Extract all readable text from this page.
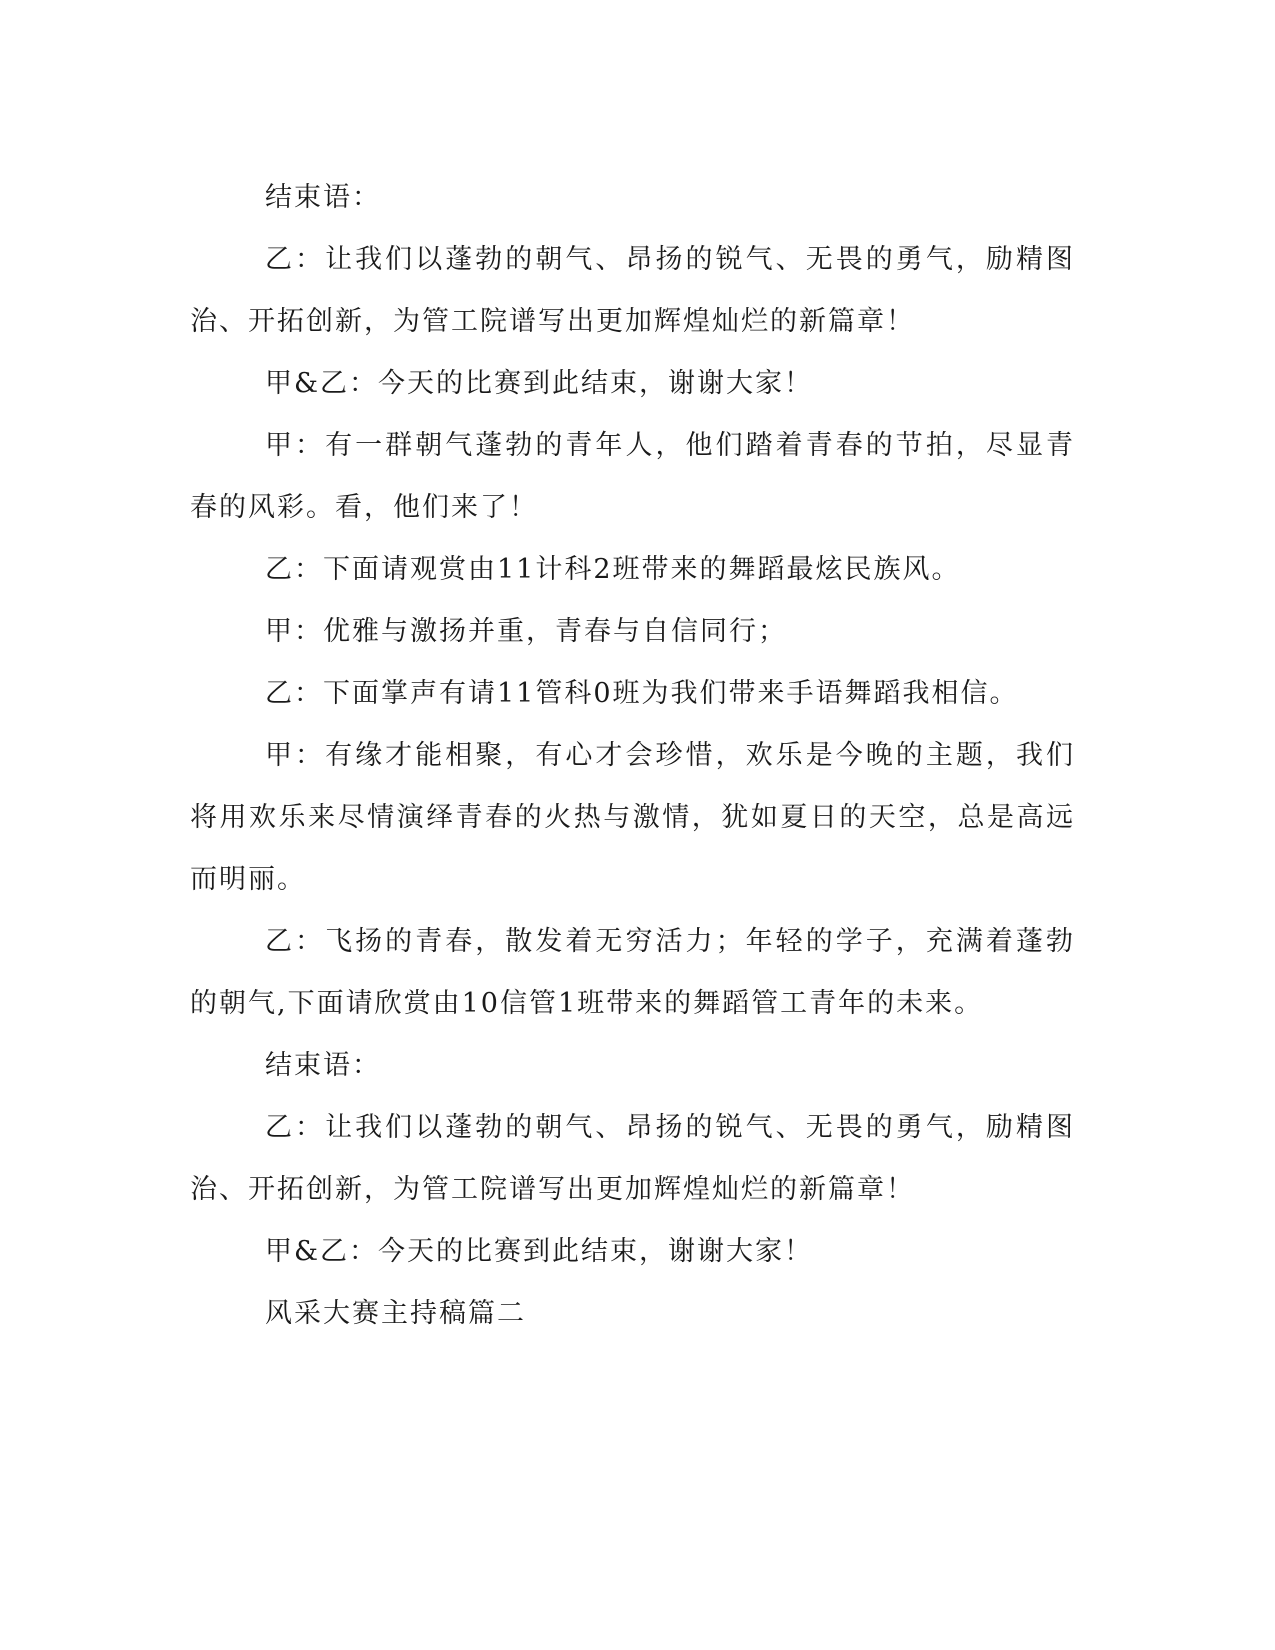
结束语：

乙：让我们以蓬勃的朝气、昂扬的锐气、无畏的勇气，励精图治、开拓创新，为管工院谱写出更加辉煌灿烂的新篇章！

甲&乙：今天的比赛到此结束，谢谢大家！

甲：有一群朝气蓬勃的青年人，他们踏着青春的节拍，尽显青春的风彩。看，他们来了！

乙：下面请观赏由11计科2班带来的舞蹈最炫民族风。

甲：优雅与激扬并重，青春与自信同行；

乙：下面掌声有请11管科0班为我们带来手语舞蹈我相信。

甲：有缘才能相聚，有心才会珍惜，欢乐是今晚的主题，我们将用欢乐来尽情演绎青春的火热与激情，犹如夏日的天空，总是高远而明丽。

乙：飞扬的青春，散发着无穷活力；年轻的学子，充满着蓬勃的朝气,下面请欣赏由10信管1班带来的舞蹈管工青年的未来。

结束语：

乙：让我们以蓬勃的朝气、昂扬的锐气、无畏的勇气，励精图治、开拓创新，为管工院谱写出更加辉煌灿烂的新篇章！

甲&乙：今天的比赛到此结束，谢谢大家！

风采大赛主持稿篇二
